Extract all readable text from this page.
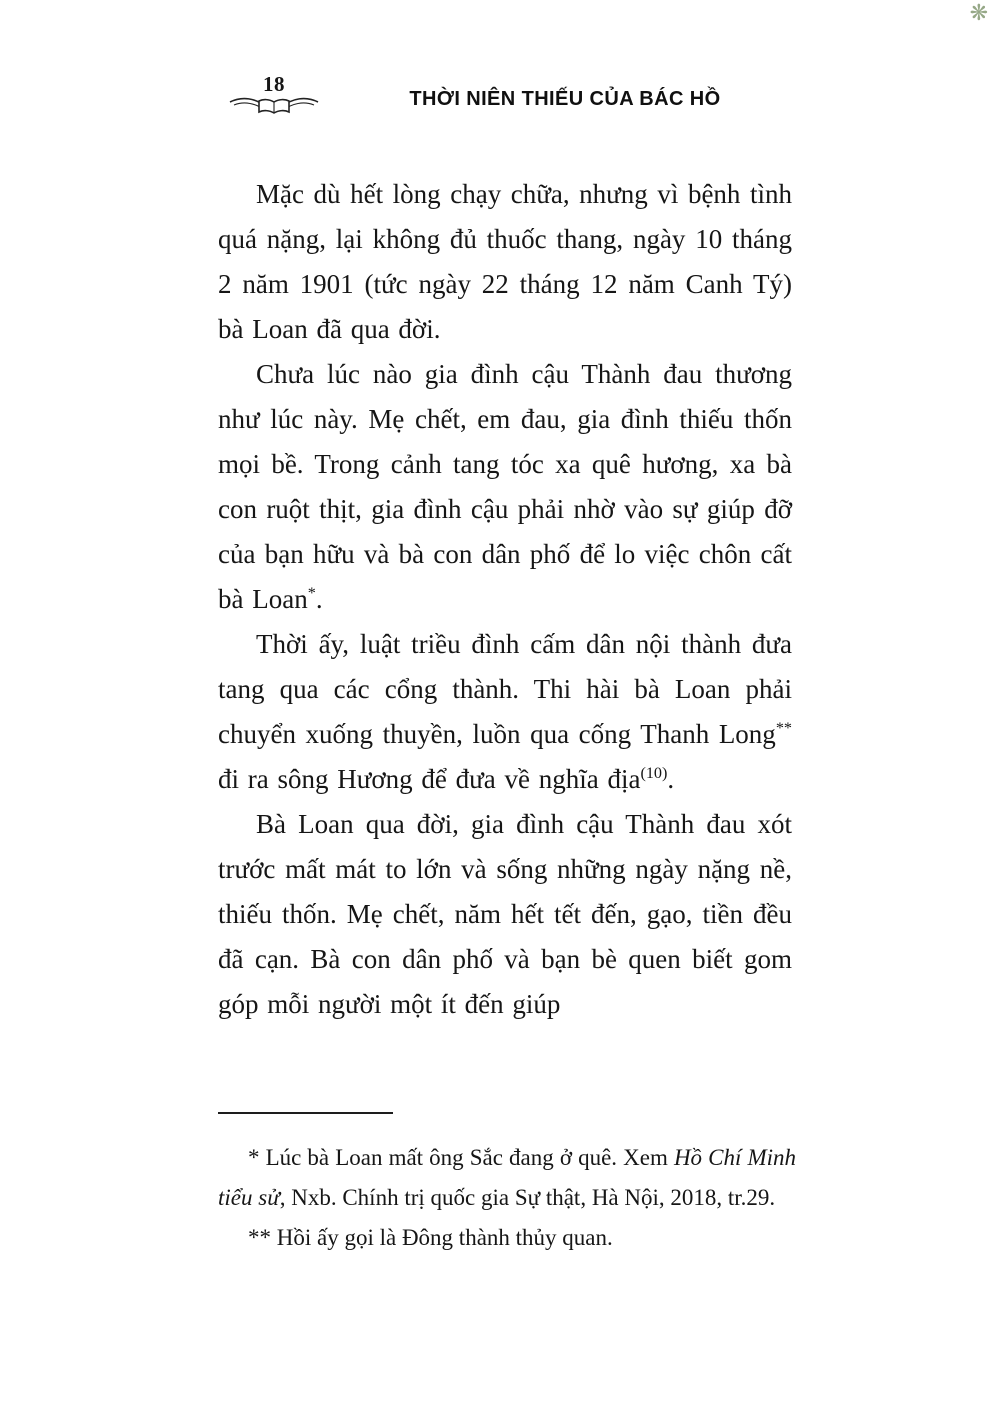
❋
18
THỜI NIÊN THIẾU CỦA BÁC HỒ

Mặc dù hết lòng chạy chữa, nhưng vì bệnh tình quá nặng, lại không đủ thuốc thang, ngày 10 tháng 2 năm 1901 (tức ngày 22 tháng 12 năm Canh Tý) bà Loan đã qua đời.

Chưa lúc nào gia đình cậu Thành đau thương như lúc này. Mẹ chết, em đau, gia đình thiếu thốn mọi bề. Trong cảnh tang tóc xa quê hương, xa bà con ruột thịt, gia đình cậu phải nhờ vào sự giúp đỡ của bạn hữu và bà con dân phố để lo việc chôn cất bà Loan*.

Thời ấy, luật triều đình cấm dân nội thành đưa tang qua các cổng thành. Thi hài bà Loan phải chuyển xuống thuyền, luồn qua cống Thanh Long** đi ra sông Hương để đưa về nghĩa địa$^{(10)}$.

Bà Loan qua đời, gia đình cậu Thành đau xót trước mất mát to lớn và sống những ngày nặng nề, thiếu thốn. Mẹ chết, năm hết tết đến, gạo, tiền đều đã cạn. Bà con dân phố và bạn bè quen biết gom góp mỗi người một ít đến giúp

* Lúc bà Loan mất ông Sắc đang ở quê. Xem Hồ Chí Minh tiểu sử, Nxb. Chính trị quốc gia Sự thật, Hà Nội, 2018, tr.29.

** Hồi ấy gọi là Đông thành thủy quan.
